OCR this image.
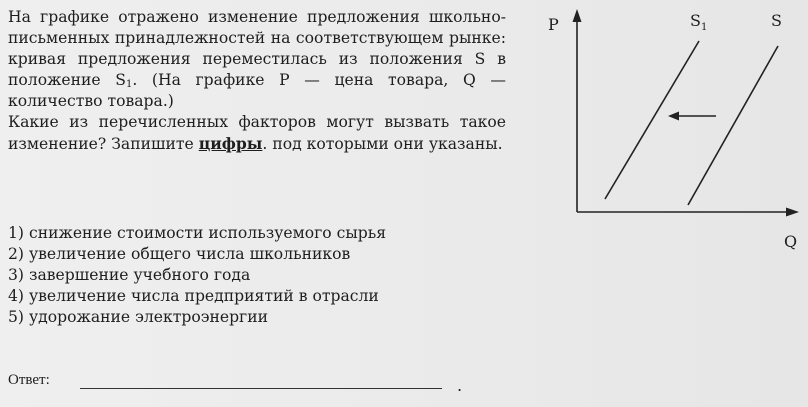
На графике отражено изменение предложения школьно-письменных принадлежностей на соответствующем рынке: кривая предложения переместилась из положения S в положение $S_1$. (На графике P — цена товара, Q — количество товара.)

Какие из перечисленных факторов могут вызвать такое изменение? Запишите цифры. под которыми они указаны.

1) снижение стоимости используемого сырья
2) увеличение общего числа школьников
3) завершение учебного года
4) увеличение числа предприятий в отрасли
5) удорожание электроэнергии
Ответ:	.
P
Q
$S_1$	S
